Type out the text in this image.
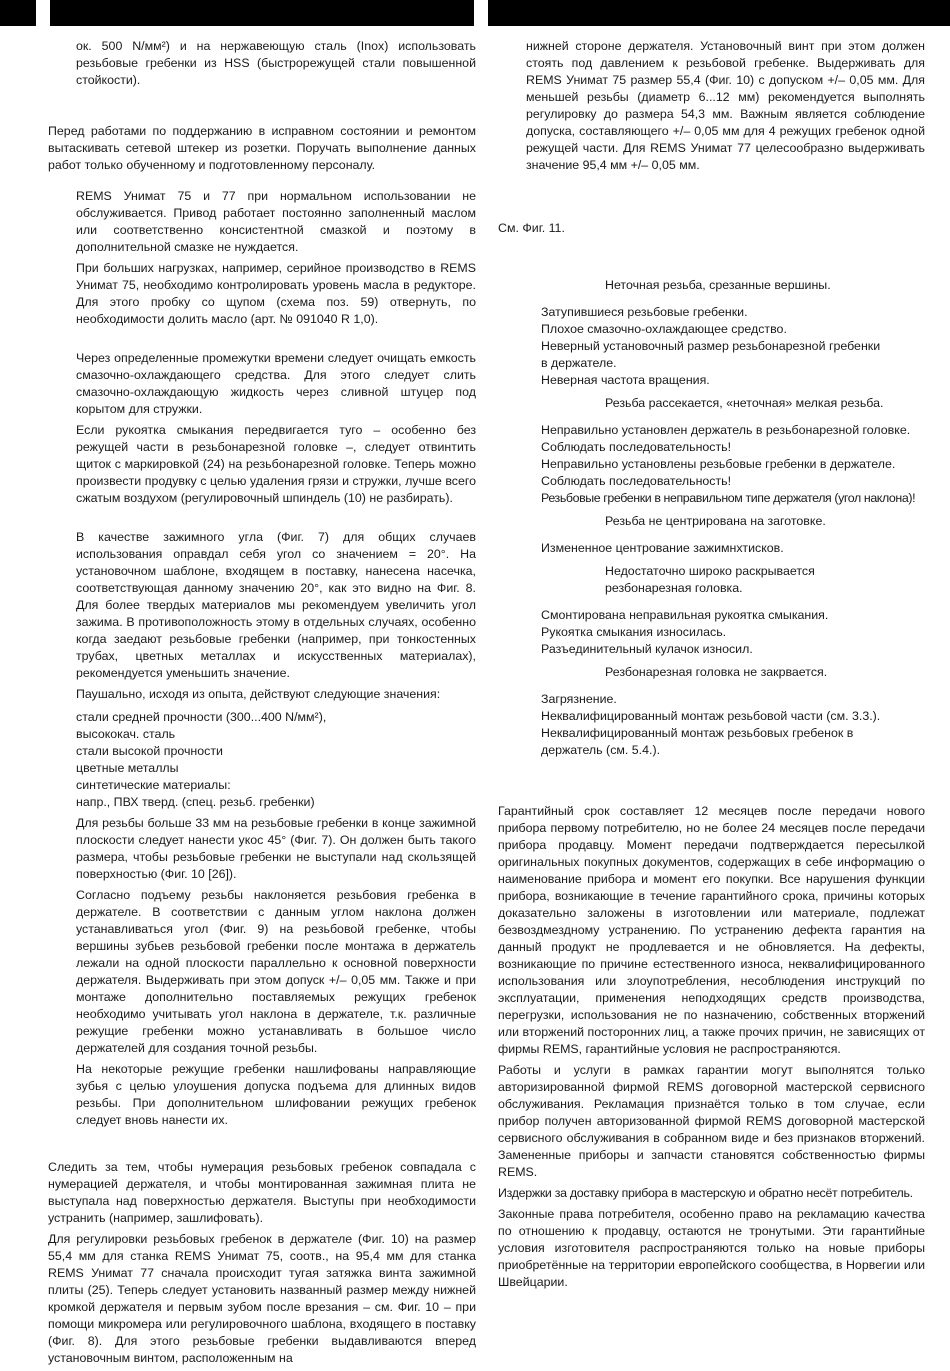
ок. 500 N/мм²) и на нержавеющую сталь (Inox) использовать резьбовые гребенки из HSS (быстрорежущей стали повышенной стойкости).

Перед работами по поддержанию в исправном состоянии и ремонтом вытаскивать сетевой штекер из розетки. Поручать выполнение данных работ только обученному и подготовленному персоналу.

REMS Унимат 75 и 77 при нормальном использовании не обслуживается. Привод работает постоянно заполненный маслом или соответственно консистентной смазкой и поэтому в дополнительной смазке не нуждается.

При больших нагрузках, например, серийное производство в REMS Унимат 75, необходимо контролировать уровень масла в редукторе. Для этого пробку со щупом (схема поз. 59) отвернуть, по необходимости долить масло (арт. № 091040 R 1,0).

Через определенные промежутки времени следует очищать емкость смазочно-охлаждающего средства. Для этого следует слить смазочно-охлаждающую жидкость через сливной штуцер под корытом для стружки.

Если рукоятка смыкания передвигается туго – особенно без режущей части в резьбонарезной головке –, следует отвинтить щиток с маркировкой (24) на резьбонарезной головке. Теперь можно произвести продувку с целью удаления грязи и стружки, лучше всего сжатым воздухом (регулировочный шпиндель (10) не разбирать).

В качестве зажимного угла (Фиг. 7) для общих случаев использования оправдал себя угол со значением = 20°. На установочном шаблоне, входящем в поставку, нанесена насечка, соответствующая данному значению 20°, как это видно на Фиг. 8. Для более твердых материалов мы рекомендуем увеличить угол зажима. В противоположность этому в отдельных случаях, особенно когда заедают резьбовые гребенки (например, при тонкостенных трубах, цветных металлах и искусственных материалах), рекомендуется уменьшить значение.

Паушально, исходя из опыта, действуют следующие значения:

стали средней прочности (300...400 N/мм²),
высококач. сталь
стали высокой прочности
цветные металлы
синтетические материалы:
напр., ПВХ тверд. (спец. резьб. гребенки)

Для резьбы больше 33 мм на резьбовые гребенки в конце зажимной плоскости следует нанести укос 45° (Фиг. 7). Он должен быть такого размера, чтобы резьбовые гребенки не выступали над скользящей поверхностью (Фиг. 10 [26]).

Согласно подъему резьбы наклоняется резьбовия гребенка в держателе. В соответствии с данным углом наклона должен устанавливаться угол (Фиг. 9) на резьбовой гребенке, чтобы вершины зубьев резьбовой гребенки после монтажа в держатель лежали на одной плоскости параллельно к основной поверхности держателя. Выдерживать при этом допуск +/– 0,05 мм. Также и при монтаже дополнительно поставляемых режущих гребенок необходимо учитывать угол наклона в держателе, т.к. различные режущие гребенки можно устанавливать в большое число держателей для создания точной резьбы.

На некоторые режущие гребенки нашлифованы направляющие зубья с целью улоушения допуска подъема для длинных видов резьбы. При дополнительном шлифовании режущих гребенок следует вновь нанести их.

Следить за тем, чтобы нумерация резьбовых гребенок совпадала с нумерацией держателя, и чтобы монтированная зажимная плита не выступала над поверхностью держателя. Выступы при необходимости устранить (например, зашлифовать).

Для регулировки резьбовых гребенок в держателе (Фиг. 10) на размер 55,4 мм для станка REMS Унимат 75, соотв., на 95,4 мм для станка REMS Унимат 77 сначала происходит тугая затяжка винта зажимной плиты (25). Теперь следует установить названный размер между нижней кромкой держателя и первым зубом после врезания – см. Фиг. 10 – при помощи микромера или регулировочного шаблона, входящего в поставку (Фиг. 8). Для этого резьбовые гребенки выдавливаются вперед установочным винтом, расположенным на

нижней стороне держателя. Установочный винт при этом должен стоять под давлением к резьбовой гребенке. Выдерживать для REMS Унимат 75 размер 55,4 (Фиг. 10) с допуском +/– 0,05 мм. Для меньшей резьбы (диаметр 6...12 мм) рекомендуется выполнять регулировку до размера 54,3 мм. Важным является соблюдение допуска, составляющего +/– 0,05 мм для 4 режущих гребенок одной режущей части. Для REMS Унимат 77 целесообразно выдерживать значение 95,4 мм +/– 0,05 мм.

См. Фиг. 11.

Неточная резьба, срезанные вершины.
Затупившиеся резьбовые гребенки.
Плохое смазочно-охлаждающее средство.
Неверный установочный размер резьбонарезной гребенки
в держателе.
Неверная частота вращения.
Резьба рассекается, «неточная» мелкая резьба.
Неправильно установлен держатель в резьбонарезной головке.
Соблюдать последовательность!
Неправильно установлены резьбовые гребенки в держателе.
Соблюдать последовательность!
Резьбовые гребенки в неправильном типе держателя (угол наклона)!
Резьба не центрирована на заготовке.
Измененное центрование зажимнхтисков.
Недостаточно широко раскрывается
резбонарезная головка.
Смонтирована неправильная рукоятка смыкания.
Рукоятка смыкания износилась.
Разъединительный кулачок износил.
Резбонарезная головка не закрвается.
Загрязнение.
Неквалифицированный монтаж резьбовой части (см. 3.3.).
Неквалифицированный монтаж резьбовых гребенок в
держатель (см. 5.4.).

Гарантийный срок составляет 12 месяцев после передачи нового прибора первому потребителю, но не более 24 месяцев после передачи прибора продавцу. Момент передачи подтверждается пересылкой оригинальных покупных документов, содержащих в себе информацию о наименование прибора и момент его покупки. Все нарушения функции прибора, возникающие в течение гарантийного срока, причины которых доказательно заложены в изготовлении или материале, подлежат безвоздмездному устранению. По устранению дефекта гарантия на данный продукт не продлевается и не обновляется. На дефекты, возникающие по причине естественного износа, неквалифицированного использования или злоупотребления, несоблюдения инструкций по эксплуатации, применения неподходящих средств производства, перегрузки, использования не по назначению, собственных вторжений или вторжений посторонних лиц, а также прочих причин, не зависящих от фирмы REMS, гарантийные условия не распространяются.

Работы и услуги в рамках гарантии могут выполнятся только авторизированной фирмой REMS договорной мастерской сервисного обслуживания. Рекламация признаётся только в том случае, если прибор получен авторизованной фирмой REMS договорной мастерской сервисного обслуживания в собранном виде и без признаков вторжений. Замененные приборы и запчасти становятся собственностью фирмы REMS.

Издержки за доставку прибора в мастерскую и обратно несёт потребитель.

Законные права потребителя, особенно право на рекламацию качества по отношению к продавцу, остаются не тронутыми. Эти гарантийные условия изготовителя распространяются только на новые приборы приобретённые на территории европейского сообщества, в Норвегии или Швейцарии.
